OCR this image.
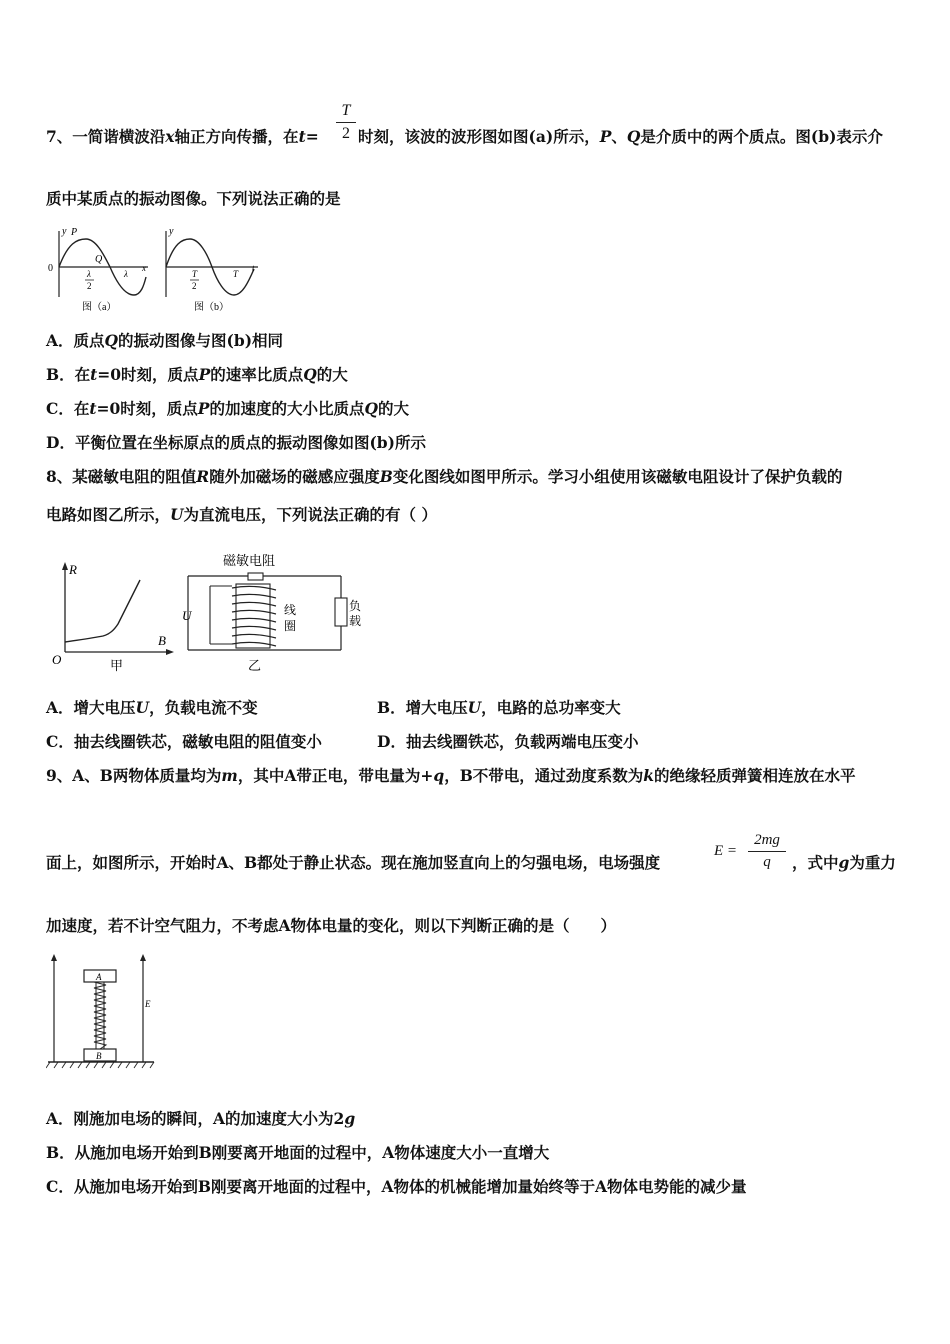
7、一简谐横波沿x轴正方向传播，在t=
T
2 时刻，该波的波形图如图(a)所示，P、Q是介质中的两个质点。图(b)表示介
质中某质点的振动图像。下列说法正确的是
y P
0
Q
λ
2
λ
x
图（a）
y
T
2
T
t
图（b）
A．质点Q的振动图像与图(b)相同
B．在t=0时刻，质点P的速率比质点Q的大
C．在t=0时刻，质点P的加速度的大小比质点Q的大
D．平衡位置在坐标原点的质点的振动图像如图(b)所示
8、某磁敏电阻的阻值R随外加磁场的磁感应强度B变化图线如图甲所示。学习小组使用该磁敏电阻设计了保护负载的
电路如图乙所示，U为直流电压，下列说法正确的有（ ）
R
B
O	甲
磁敏电阻
负
载
U	线
圈
乙
A．增大电压U，负载电流不变	B．增大电压U，电路的总功率变大
C．抽去线圈铁芯，磁敏电阻的阻值变小	D．抽去线圈铁芯，负载两端电压变小
9、A、B两物体质量均为m，其中A带正电，带电量为+q，B不带电，通过劲度系数为k的绝缘轻质弹簧相连放在水平
面上，如图所示，开始时A、B都处于静止状态。现在施加竖直向上的匀强电场，电场强度
E =
2mg
q	，式中g为重力
加速度，若不计空气阻力，不考虑A物体电量的变化，则以下判断正确的是（　　）
E
A
B
A．刚施加电场的瞬间，A的加速度大小为2g
B．从施加电场开始到B刚要离开地面的过程中，A物体速度大小一直增大
C．从施加电场开始到B刚要离开地面的过程中，A物体的机械能增加量始终等于A物体电势能的减少量
